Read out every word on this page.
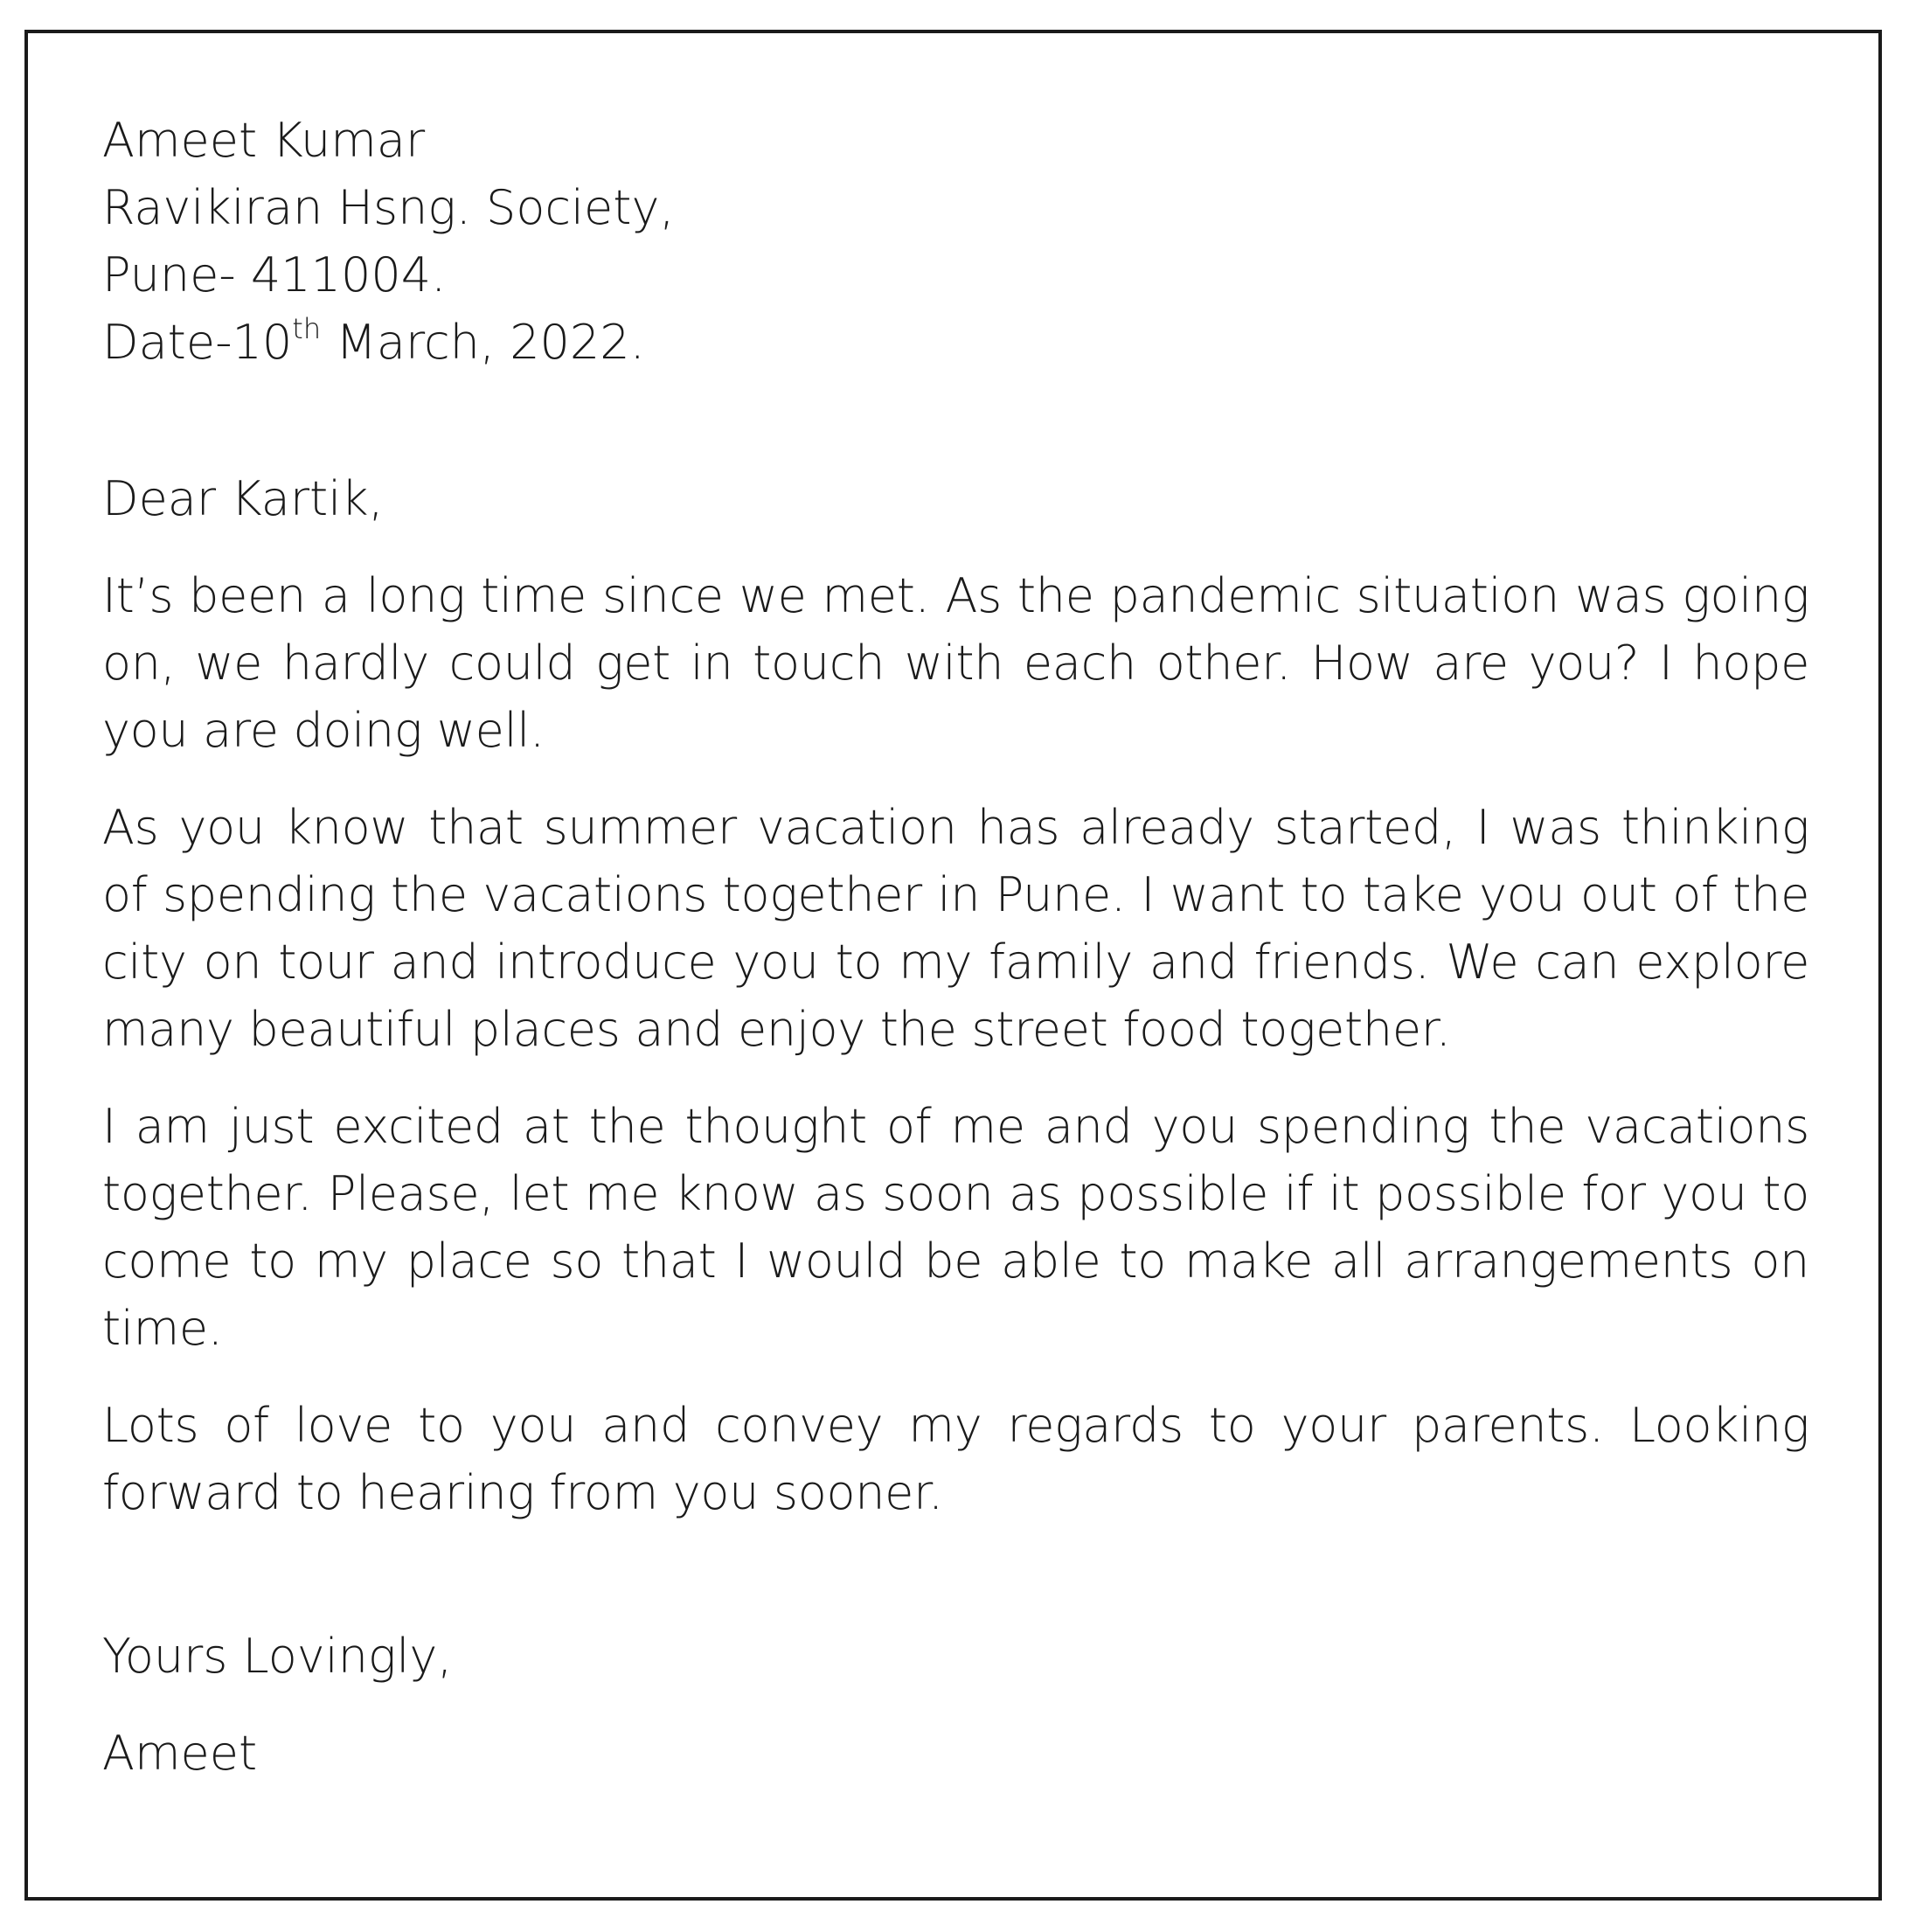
Ameet Kumar
Ravikiran Hsng. Society,
Pune- 411004.
Date-10th March, 2022.
Dear Kartik,

It’s been a long time since we met. As the pandemic situation was going on, we hardly could get in touch with each other. How are you? I hope you are doing well.

As you know that summer vacation has already started, I was thinking of spending the vacations together in Pune. I want to take you out of the city on tour and introduce you to my family and friends. We can explore many beautiful places and enjoy the street food together.

I am just excited at the thought of me and you spending the vacations together. Please, let me know as soon as possible if it possible for you to come to my place so that I would be able to make all arrangements on time.

Lots of love to you and convey my regards to your parents. Looking forward to hearing from you sooner.

Yours Lovingly,
Ameet
